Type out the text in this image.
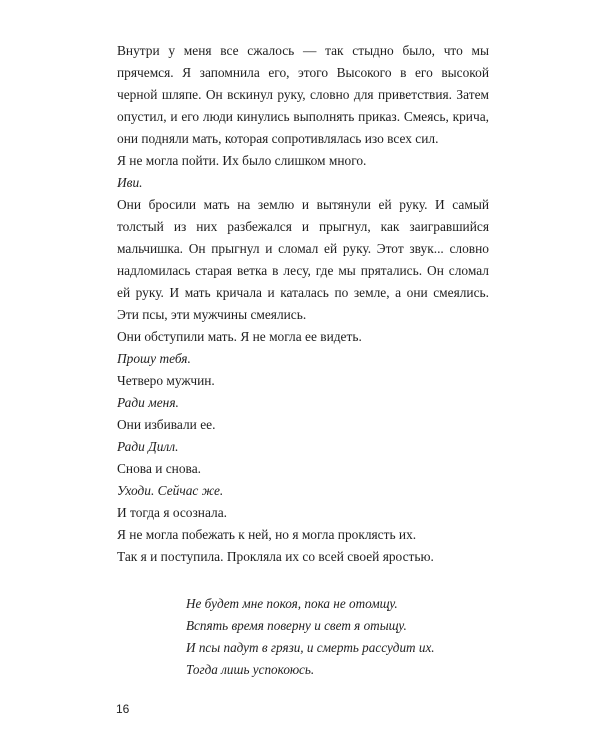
Внутри у меня все сжалось — так стыдно было, что мы прячемся. Я запомнила его, этого Высокого в его высокой черной шляпе. Он вскинул руку, словно для приветствия. Затем опустил, и его люди кинулись выполнять приказ. Смеясь, крича, они подняли мать, которая сопротивлялась изо всех сил.

Я не могла пойти. Их было слишком много.

Иви.

Они бросили мать на землю и вытянули ей руку. И самый толстый из них разбежался и прыгнул, как заигравшийся мальчишка. Он прыгнул и сломал ей руку. Этот звук... словно надломилась старая ветка в лесу, где мы прятались. Он сломал ей руку. И мать кричала и каталась по земле, а они смеялись. Эти псы, эти мужчины смеялись.

Они обступили мать. Я не могла ее видеть.

Прошу тебя.

Четверо мужчин.

Ради меня.

Они избивали ее.

Ради Дилл.

Снова и снова.

Уходи. Сейчас же.

И тогда я осознала.

Я не могла побежать к ней, но я могла проклясть их.

Так я и поступила. Прокляла их со всей своей яростью.

Не будет мне покоя, пока не отомщу.
Вспять время поверну и свет я отыщу.
И псы падут в грязи, и смерть рассудит их.
Тогда лишь успокоюсь.
16
